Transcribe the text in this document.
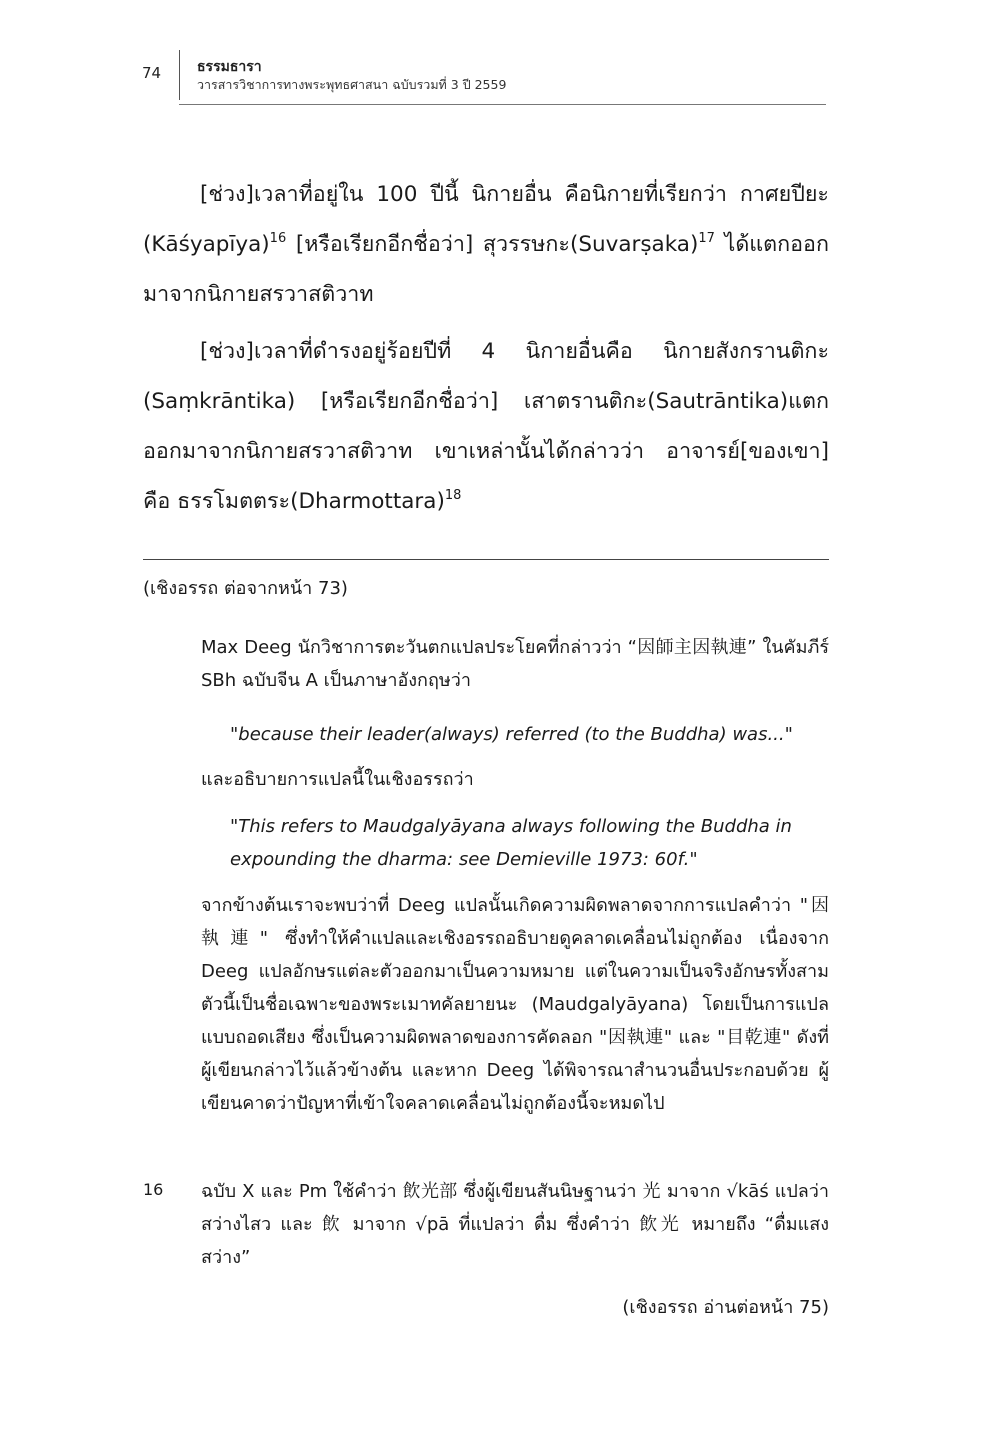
74	ธรรมธารา
วารสารวิชาการทางพระพุทธศาสนา ฉบับรวมที่ 3 ปี 2559

[ช่วง]เวลาที่อยู่ใน 100 ปีนี้ นิกายอื่น คือนิกายที่เรียกว่า กาศยปียะ (Kāśyapīya)$^{16}$ [หรือเรียกอีกชื่อว่า] สุวรรษกะ(Suvarṣaka)$^{17}$ ได้แตกออกมาจากนิกายสรวาสติวาท

[ช่วง]เวลาที่ดำรงอยู่ร้อยปีที่ 4 นิกายอื่นคือ นิกายสังกรานติกะ (Saṃkrāntika) [หรือเรียกอีกชื่อว่า] เสาตรานติกะ(Sautrāntika)แตกออกมาจากนิกายสรวาสติวาท เขาเหล่านั้นได้กล่าวว่า อาจารย์[ของเขา] คือ ธรรโมตตระ(Dharmottara)$^{18}$

(เชิงอรรถ ต่อจากหน้า 73)

Max Deeg นักวิชาการตะวันตกแปลประโยคที่กล่าวว่า “因師主因執連” ในคัมภีร์ SBh ฉบับจีน A เป็นภาษาอังกฤษว่า

"because their leader(always) referred (to the Buddha) was..."

และอธิบายการแปลนี้ในเชิงอรรถว่า

"This refers to Maudgalyāyana always following the Buddha in expounding the dharma: see Demieville 1973: 60f."

จากข้างต้นเราจะพบว่าที่ Deeg แปลนั้นเกิดความผิดพลาดจากการแปลคำว่า "因執連" ซึ่งทำให้คำแปลและเชิงอรรถอธิบายดูคลาดเคลื่อนไม่ถูกต้อง เนื่องจาก Deeg แปลอักษรแต่ละตัวออกมาเป็นความหมาย แต่ในความเป็นจริงอักษรทั้งสามตัวนี้เป็นชื่อเฉพาะของพระเมาทคัลยายนะ (Maudgalyāyana) โดยเป็นการแปลแบบถอดเสียง ซึ่งเป็นความผิดพลาดของการคัดลอก "因執連" และ "目乾連" ดังที่ผู้เขียนกล่าวไว้แล้วข้างต้น และหาก Deeg ได้พิจารณาสำนวนอื่นประกอบด้วย ผู้เขียนคาดว่าปัญหาที่เข้าใจคลาดเคลื่อนไม่ถูกต้องนี้จะหมดไป

16 ฉบับ X และ Pm ใช้คำว่า 飲光部 ซึ่งผู้เขียนสันนิษฐานว่า 光 มาจาก √kāś แปลว่า สว่างไสว และ 飲 มาจาก √pā ที่แปลว่า ดื่ม ซึ่งคำว่า 飲光 หมายถึง “ดื่มแสงสว่าง”

(เชิงอรรถ อ่านต่อหน้า 75)
